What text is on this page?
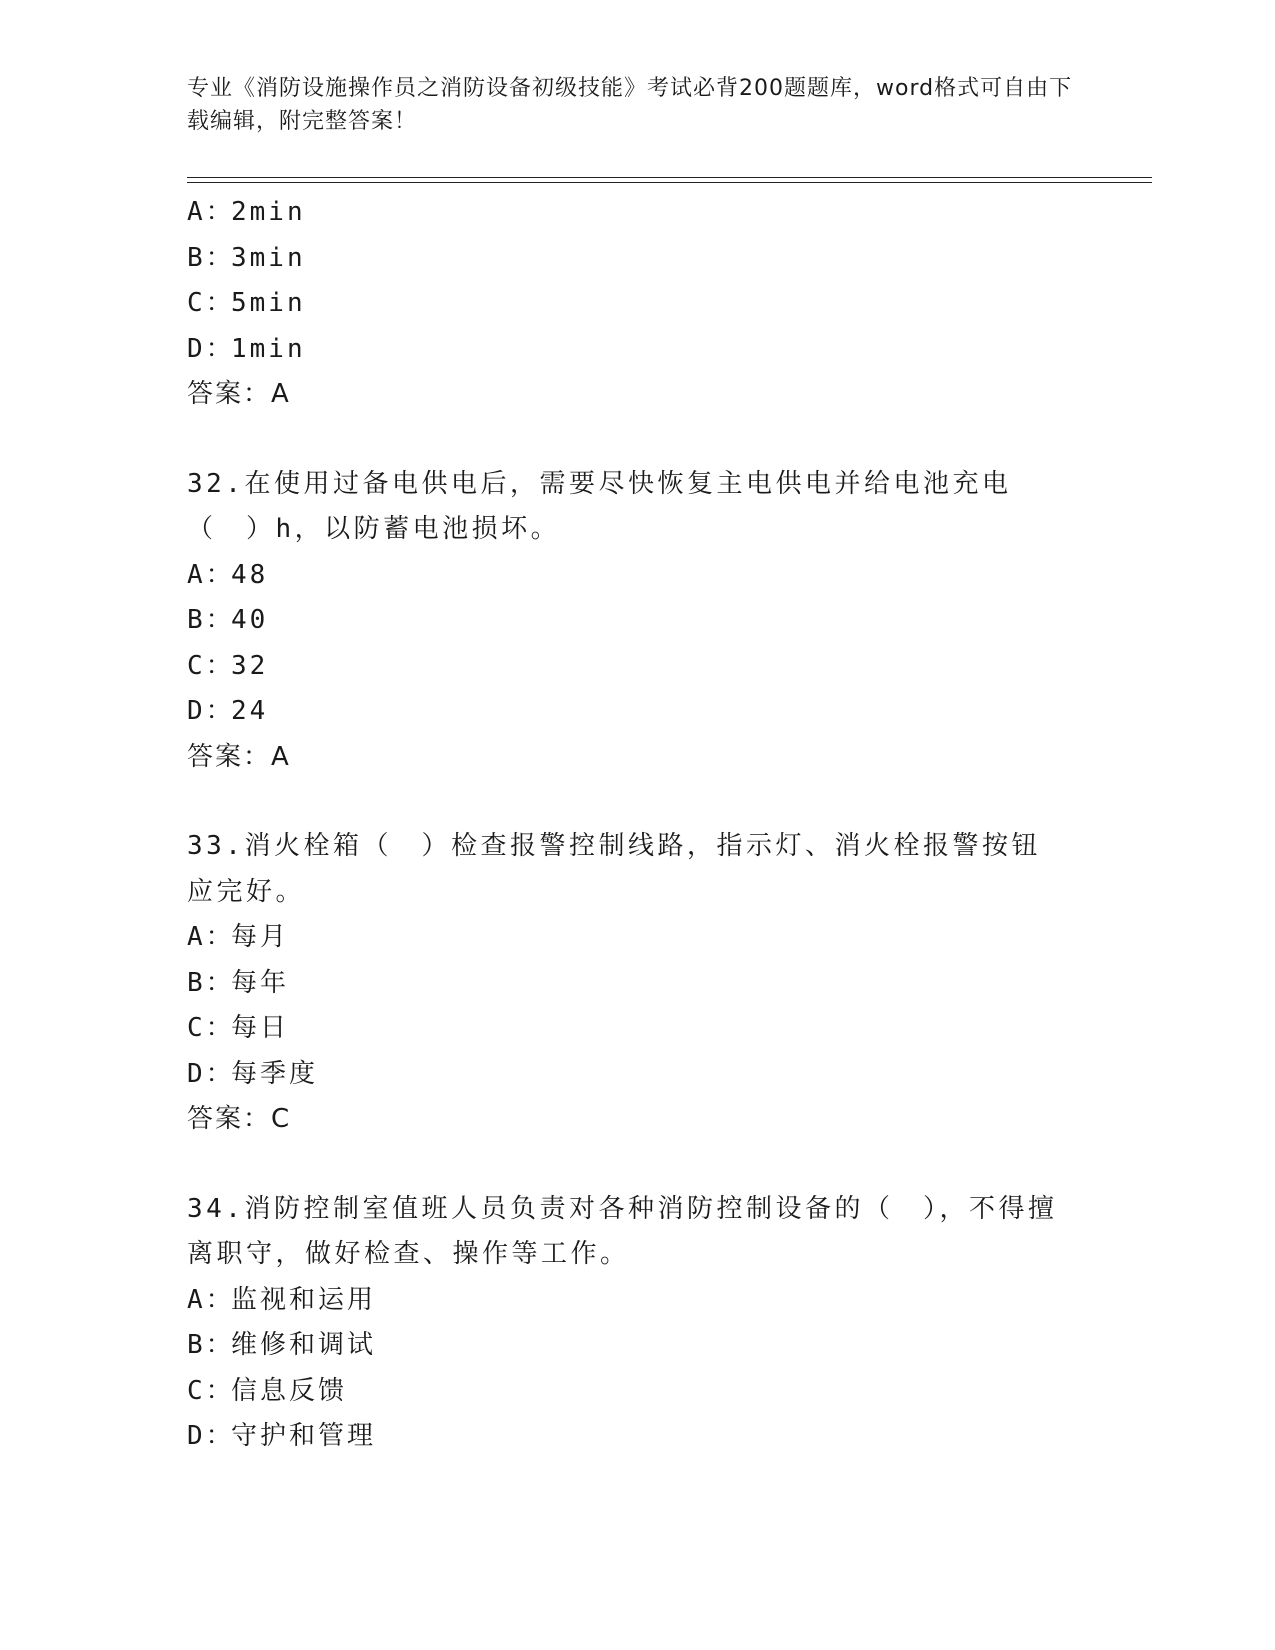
专业《消防设施操作员之消防设备初级技能》考试必背200题题库，word格式可自由下载编辑，附完整答案！
A：2min
B：3min
C：5min
D：1min
答案：A
32.在使用过备电供电后，需要尽快恢复主电供电并给电池充电（　）h，以防蓄电池损坏。
A：48
B：40
C：32
D：24
答案：A
33.消火栓箱（　）检查报警控制线路，指示灯、消火栓报警按钮应完好。
A：每月
B：每年
C：每日
D：每季度
答案：C
34.消防控制室值班人员负责对各种消防控制设备的（　），不得擅离职守，做好检查、操作等工作。
A：监视和运用
B：维修和调试
C：信息反馈
D：守护和管理
